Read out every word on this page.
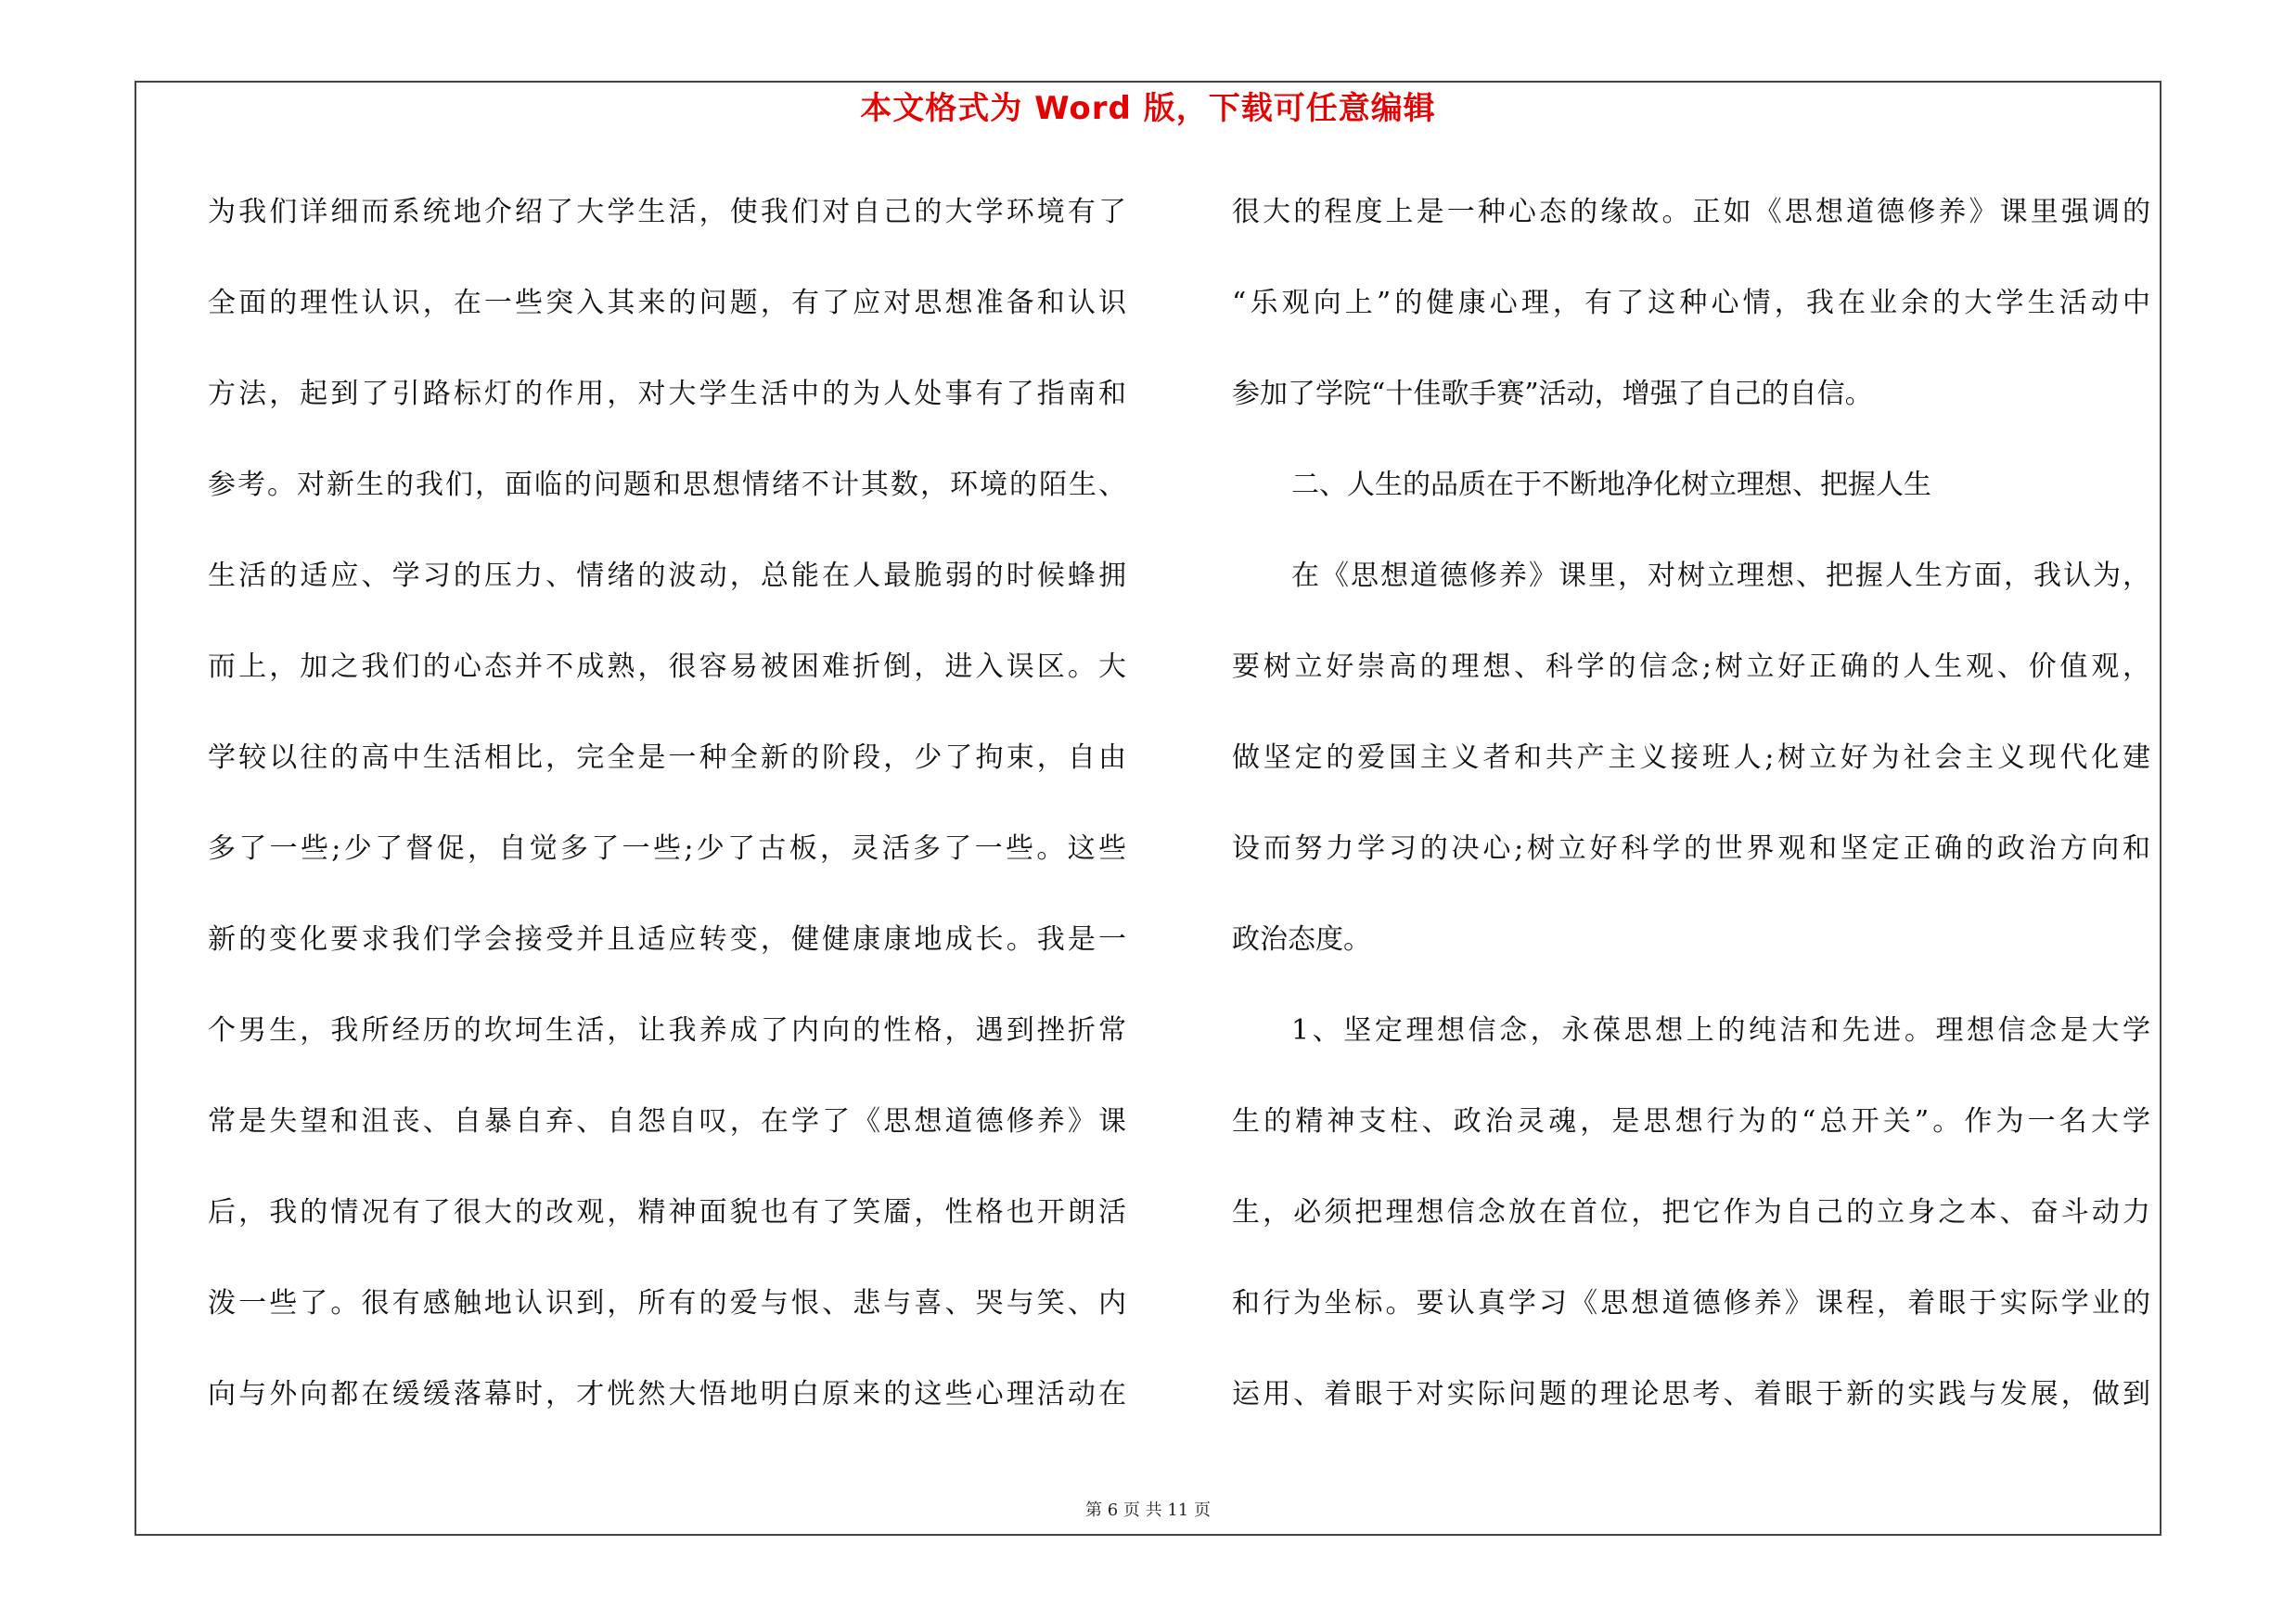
本文格式为 Word 版，下载可任意编辑
为我们详细而系统地介绍了大学生活，使我们对自己的大学环境有了
全面的理性认识，在一些突入其来的问题，有了应对思想准备和认识
方法，起到了引路标灯的作用，对大学生活中的为人处事有了指南和
参考。对新生的我们，面临的问题和思想情绪不计其数，环境的陌生、
生活的适应、学习的压力、情绪的波动，总能在人最脆弱的时候蜂拥
而上，加之我们的心态并不成熟，很容易被困难折倒，进入误区。大
学较以往的高中生活相比，完全是一种全新的阶段，少了拘束，自由
多了一些;少了督促，自觉多了一些;少了古板，灵活多了一些。这些
新的变化要求我们学会接受并且适应转变，健健康康地成长。我是一
个男生，我所经历的坎坷生活，让我养成了内向的性格，遇到挫折常
常是失望和沮丧、自暴自弃、自怨自叹，在学了《思想道德修养》课
后，我的情况有了很大的改观，精神面貌也有了笑靥，性格也开朗活
泼一些了。很有感触地认识到，所有的爱与恨、悲与喜、哭与笑、内
向与外向都在缓缓落幕时，才恍然大悟地明白原来的这些心理活动在
很大的程度上是一种心态的缘故。正如《思想道德修养》课里强调的
“乐观向上”的健康心理，有了这种心情，我在业余的大学生活动中
参加了学院“十佳歌手赛”活动，增强了自己的自信。
二、人生的品质在于不断地净化树立理想、把握人生
在《思想道德修养》课里，对树立理想、把握人生方面，我认为，
要树立好崇高的理想、科学的信念;树立好正确的人生观、价值观，
做坚定的爱国主义者和共产主义接班人;树立好为社会主义现代化建
设而努力学习的决心;树立好科学的世界观和坚定正确的政治方向和
政治态度。
1、坚定理想信念，永葆思想上的纯洁和先进。理想信念是大学
生的精神支柱、政治灵魂，是思想行为的“总开关”。作为一名大学
生，必须把理想信念放在首位，把它作为自己的立身之本、奋斗动力
和行为坐标。要认真学习《思想道德修养》课程，着眼于实际学业的
运用、着眼于对实际问题的理论思考、着眼于新的实践与发展，做到
第 6 页 共 11 页
